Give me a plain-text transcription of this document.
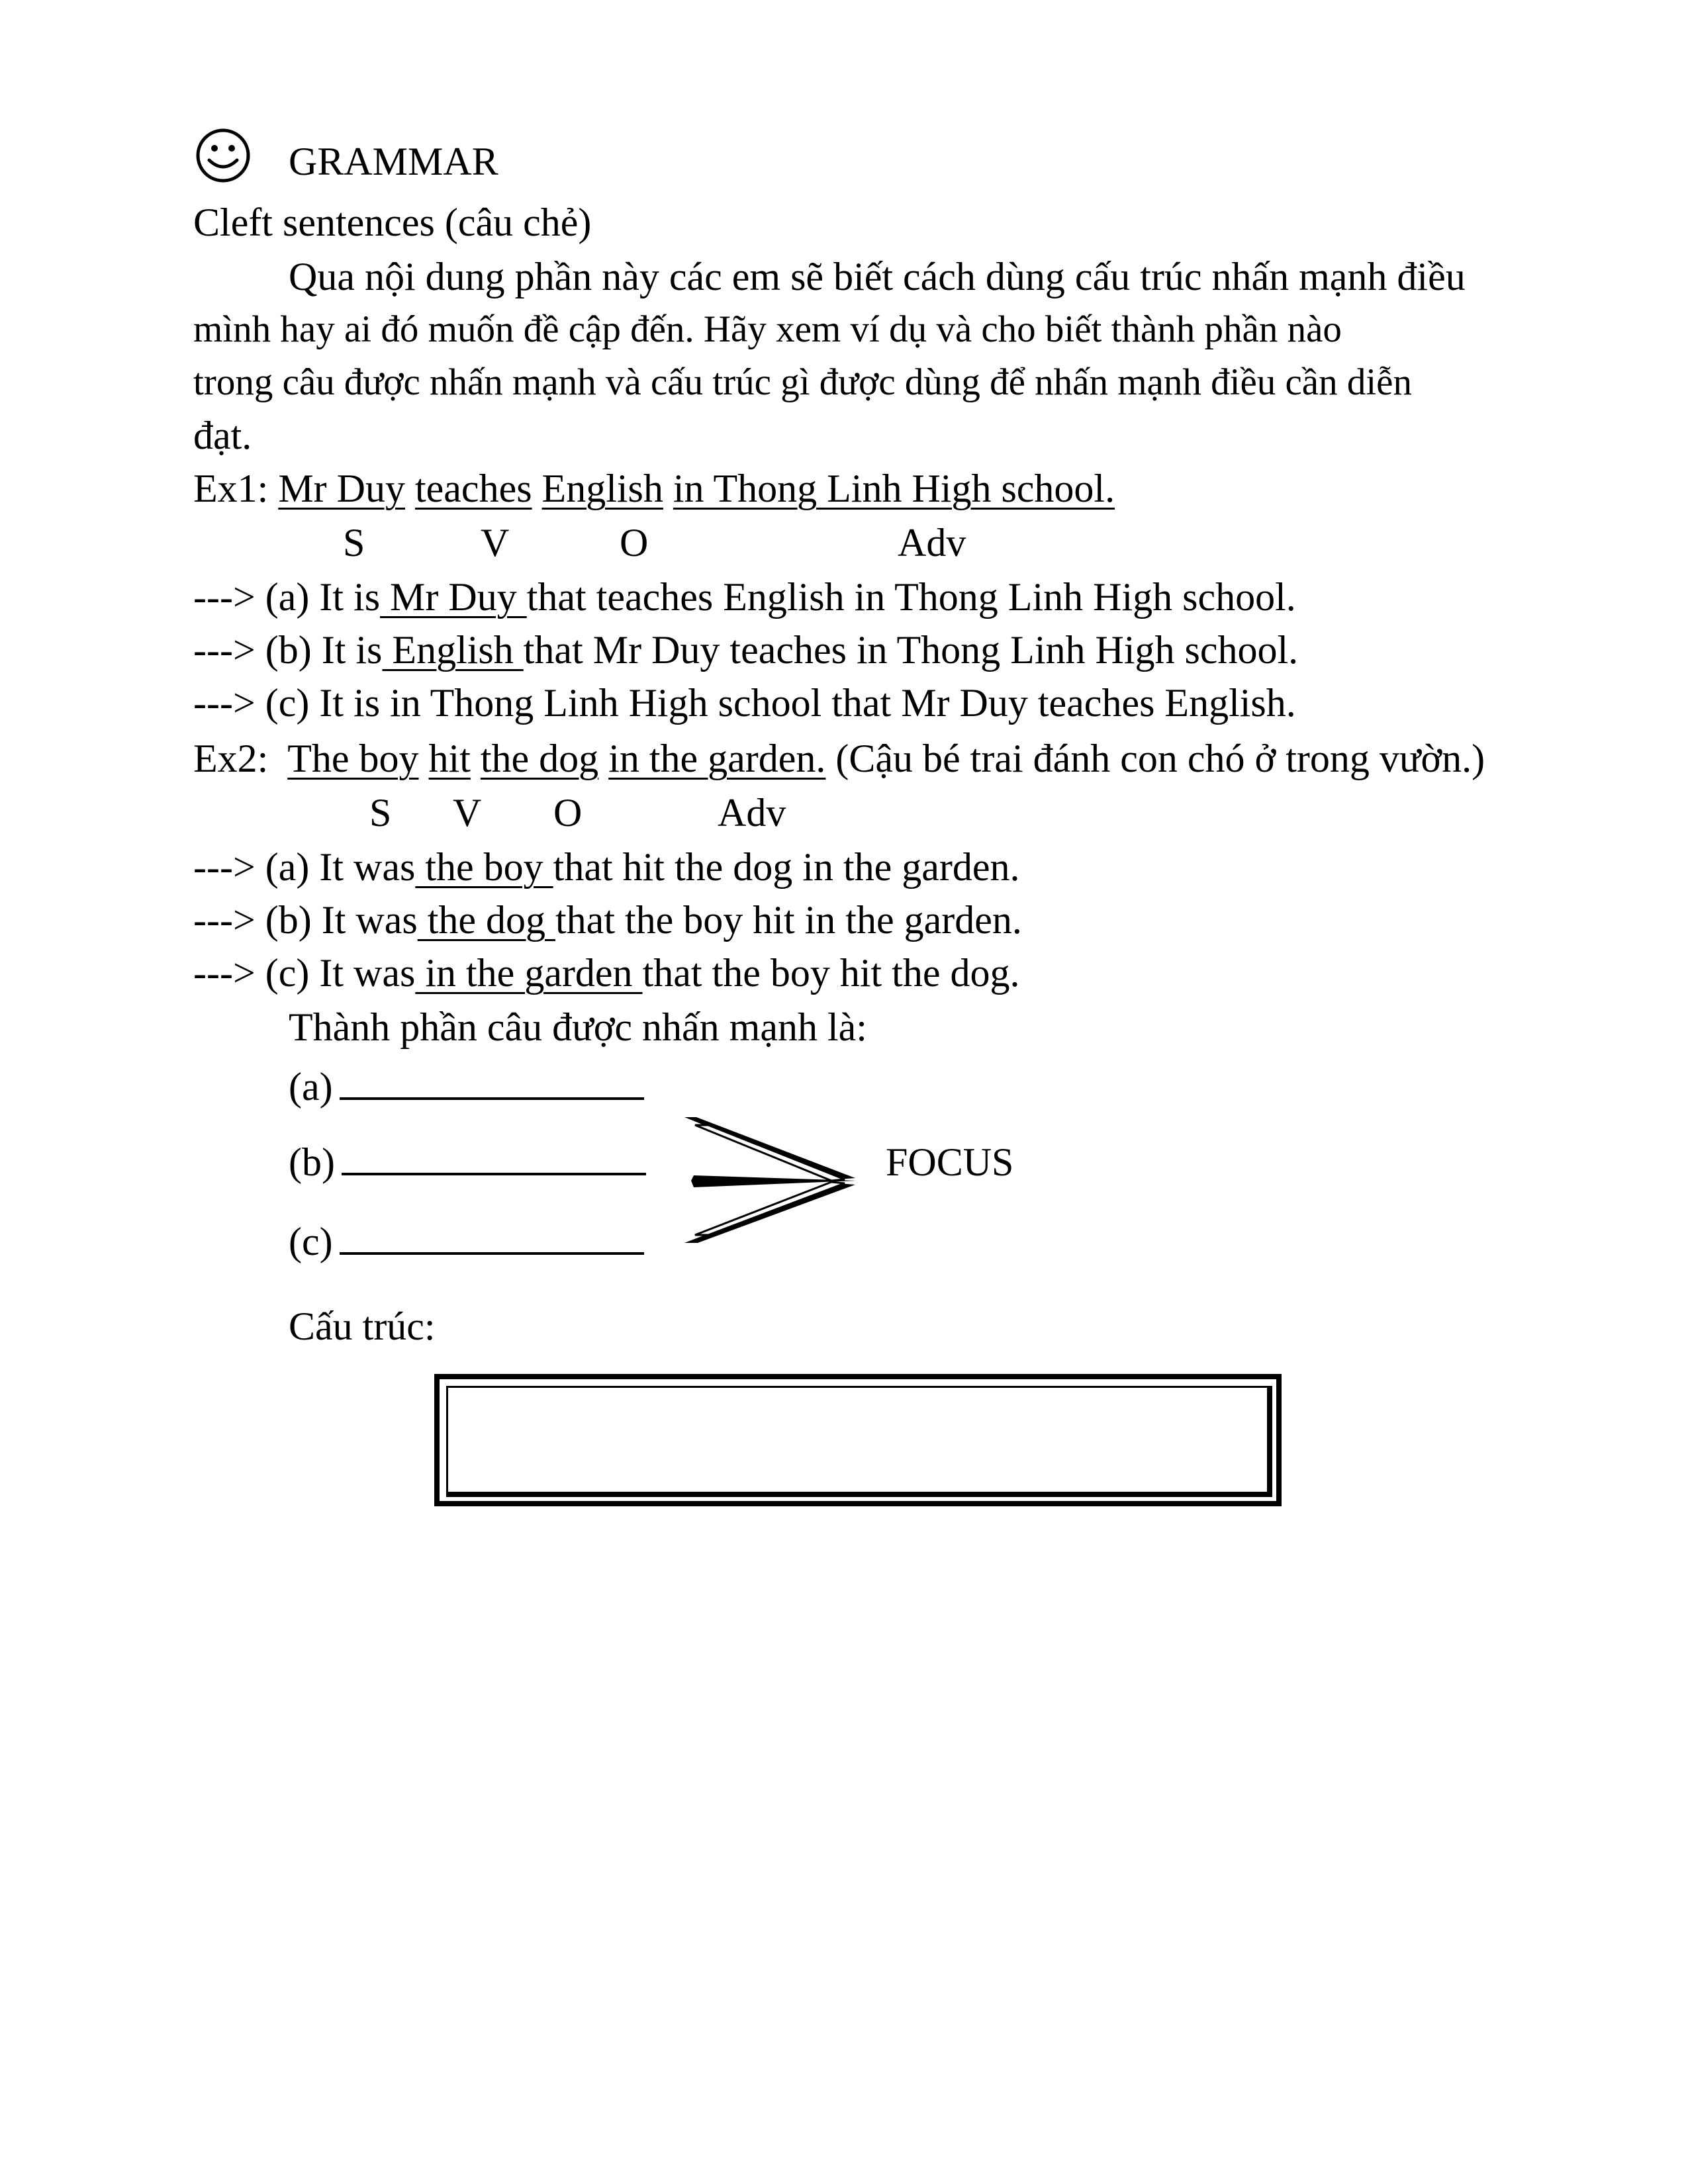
GRAMMAR
Cleft sentences (câu chẻ)
Qua nội dung phần này các em sẽ biết cách dùng cấu trúc nhấn mạnh điều
mình hay ai đó muốn đề cập đến. Hãy xem ví dụ và cho biết thành phần nào
trong câu được nhấn mạnh và cấu trúc gì được dùng để nhấn mạnh điều cần diễn
đạt.
Ex1: Mr Duy teaches English in Thong Linh High school.
S	V	O	Adv
---> (a) It is Mr Duy that teaches English in Thong Linh High school.
---> (b) It is English that Mr Duy teaches in Thong Linh High school.
---> (c) It is in Thong Linh High school that Mr Duy teaches English.
Ex2: The boy hit the dog in the garden. (Cậu bé trai đánh con chó ở trong vườn.)
S V O	Adv
---> (a) It was the boy that hit the dog in the garden.
---> (b) It was the dog that the boy hit in the garden.
---> (c) It was in the garden that the boy hit the dog.
Thành phần câu được nhấn mạnh là:
(a)
(b)
(c)
FOCUS
Cấu trúc:
